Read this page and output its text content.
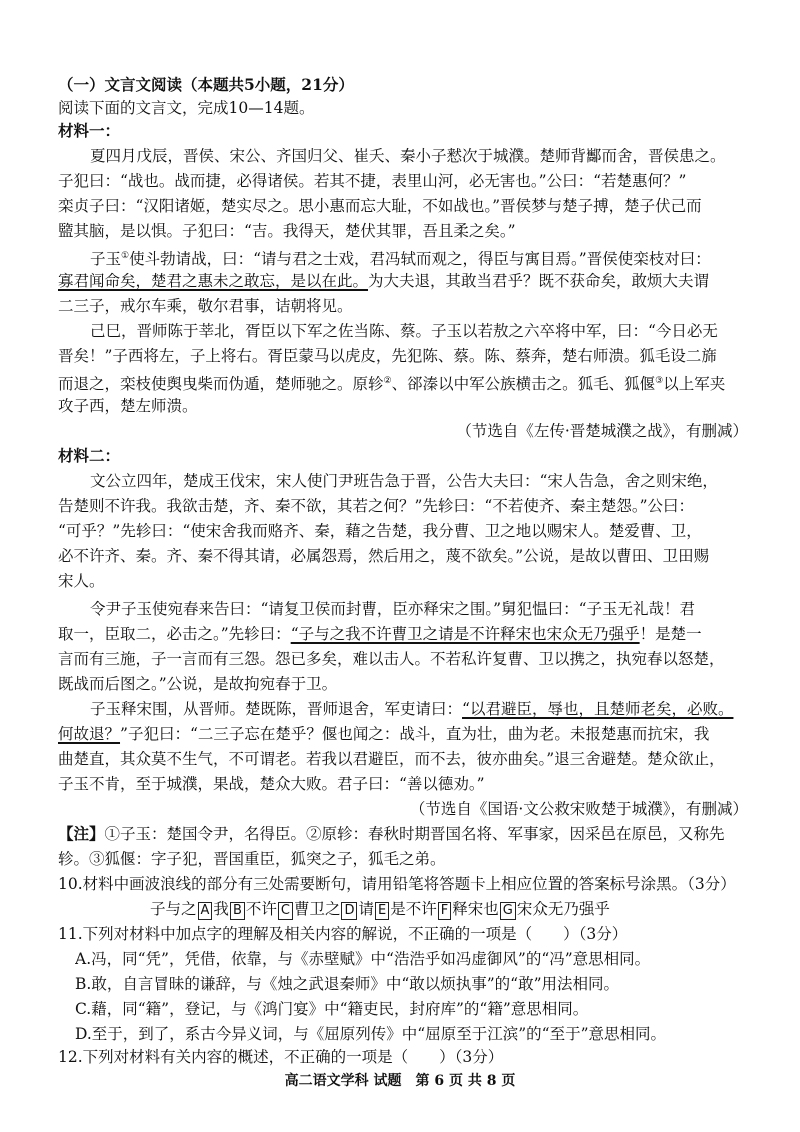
（一）文言文阅读（本题共5小题，21分）
阅读下面的文言文，完成10—14题。
材料一：
夏四月戊辰，晋侯、宋公、齐国归父、崔夭、秦小子慭次于城濮。楚师背酅而舍，晋侯患之。
子犯曰：“战也。战而捷，必得诸侯。若其不捷，表里山河，必无害也。”公曰：“若楚惠何？”
栾贞子曰：“汉阳诸姬，楚实尽之。思小惠而忘大耻，不如战也。”晋侯梦与楚子搏，楚子伏己而
盬其脑，是以惧。子犯曰：“吉。我得天，楚伏其罪，吾且柔之矣。”
子玉①使斗勃请战，曰：“请与君之士戏，君冯轼而观之，得臣与寓目焉。”晋侯使栾枝对曰：
寡君闻命矣，楚君之惠未之敢忘，是以在此。为大夫退，其敢当君乎？既不获命矣，敢烦大夫谓
二三子，戒尔车乘，敬尔君事，诘朝将见。
己巳，晋师陈于莘北，胥臣以下军之佐当陈、蔡。子玉以若敖之六卒将中军，曰：“今日必无
晋矣！”子西将左，子上将右。胥臣蒙马以虎皮，先犯陈、蔡。陈、蔡奔，楚右师溃。狐毛设二旆
而退之，栾枝使舆曳柴而伪遁，楚师驰之。原轸②、郤溱以中军公族横击之。狐毛、狐偃③以上军夹
攻子西，楚左师溃。
（节选自《左传·晋楚城濮之战》，有删减）
材料二：
文公立四年，楚成王伐宋，宋人使门尹班告急于晋，公告大夫曰：“宋人告急，舍之则宋绝，
告楚则不许我。我欲击楚，齐、秦不欲，其若之何？”先轸曰：“不若使齐、秦主楚怨。”公曰：
“可乎？”先轸曰：“使宋舍我而赂齐、秦，藉之告楚，我分曹、卫之地以赐宋人。楚爱曹、卫，
必不许齐、秦。齐、秦不得其请，必属怨焉，然后用之，蔑不欲矣。”公说，是故以曹田、卫田赐
宋人。
令尹子玉使宛春来告曰：“请复卫侯而封曹，臣亦释宋之围。”舅犯愠曰：“子玉无礼哉！君
取一，臣取二，必击之。”先轸曰：“子与之我不许曹卫之请是不许释宋也宋众无乃强乎！是楚一
言而有三施，子一言而有三怨。怨已多矣，难以击人。不若私许复曹、卫以携之，执宛春以怒楚，
既战而后图之。”公说，是故拘宛春于卫。
子玉释宋围，从晋师。楚既陈，晋师退舍，军吏请曰：“以君避臣，辱也，且楚师老矣，必败。
何故退？”子犯曰：“二三子忘在楚乎？偃也闻之：战斗，直为壮，曲为老。未报楚惠而抗宋，我
曲楚直，其众莫不生气，不可谓老。若我以君避臣，而不去，彼亦曲矣。”退三舍避楚。楚众欲止，
子玉不肯，至于城濮，果战，楚众大败。君子曰：“善以德劝。”
（节选自《国语·文公救宋败楚于城濮》，有删减）
【注】①子玉：楚国令尹，名得臣。②原轸：春秋时期晋国名将、军事家，因采邑在原邑，又称先
轸。③狐偃：字子犯，晋国重臣，狐突之子，狐毛之弟。
10.材料中画波浪线的部分有三处需要断句，请用铅笔将答题卡上相应位置的答案标号涂黑。（3分）
子与之 A 我 B 不许 C 曹卫之 D 请 E 是不许 F 释宋也 G 宋众无乃强乎
11.下列对材料中加点字的理解及相关内容的解说，不正确的一项是（　　）（3分）
A.冯，同“凭”，凭借，依靠，与《赤壁赋》中“浩浩乎如冯虚御风”的“冯”意思相同。
B.敢，自言冒昧的谦辞，与《烛之武退秦师》中“敢以烦执事”的“敢”用法相同。
C.藉，同“籍”，登记，与《鸿门宴》中“籍吏民，封府库”的“籍”意思相同。
D.至于，到了，系古今异义词，与《屈原列传》中“屈原至于江滨”的“至于”意思相同。
12.下列对材料有关内容的概述，不正确的一项是（　　）（3分）
高二语文学科 试题　第 6 页 共 8 页
